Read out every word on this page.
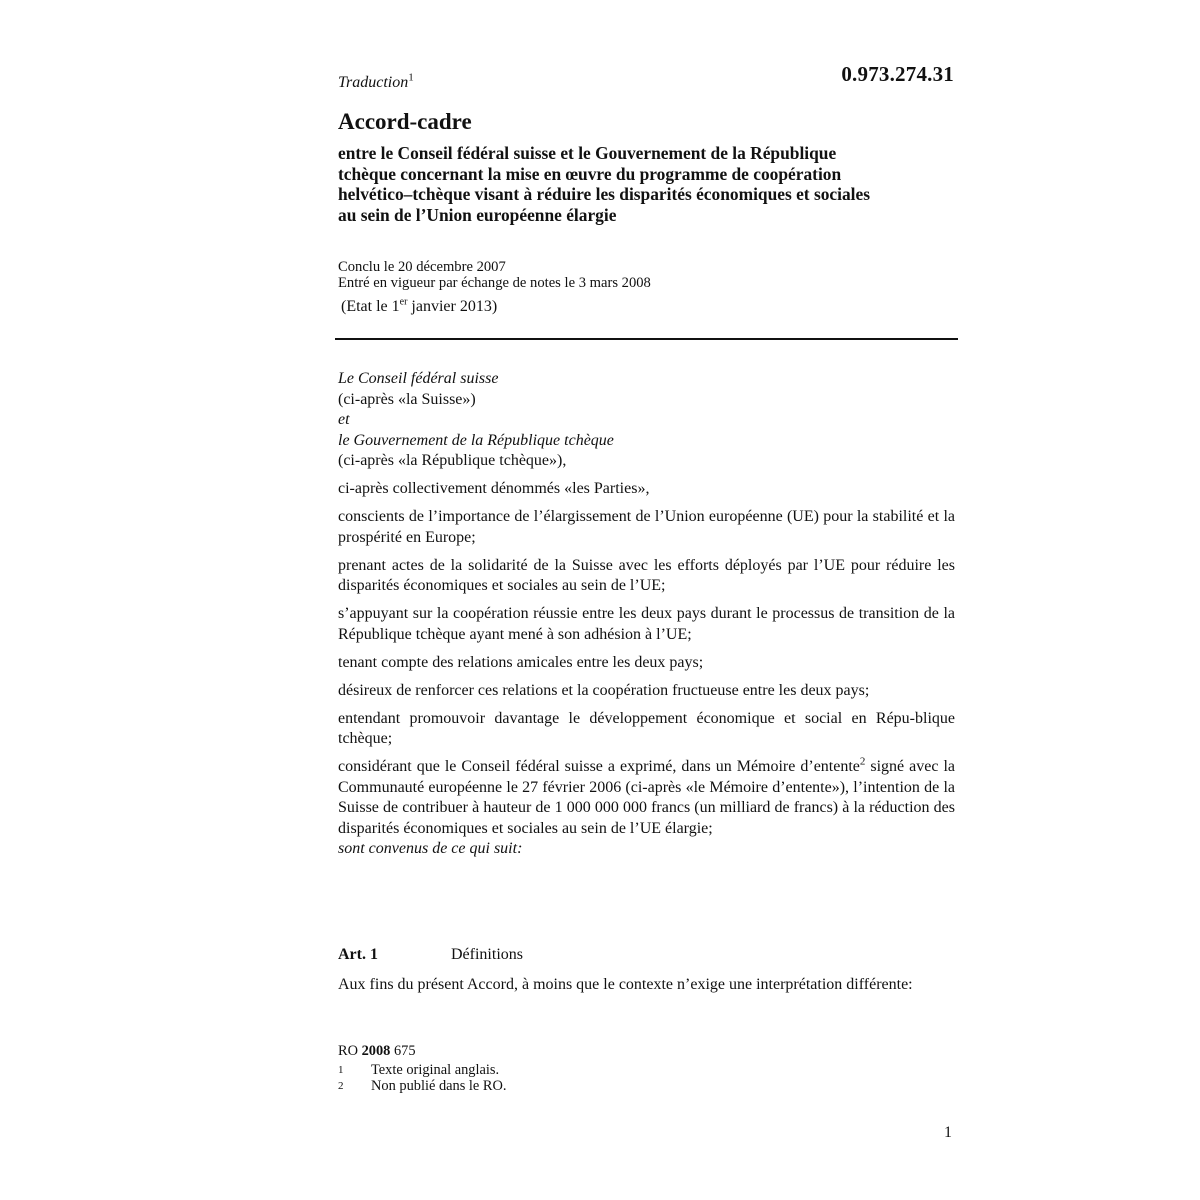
0.973.274.31
Traduction$^1$
Accord-cadre
entre le Conseil fédéral suisse et le Gouvernement de la République
tchèque concernant la mise en œuvre du programme de coopération
helvético–tchèque visant à réduire les disparités économiques et sociales
au sein de l’Union européenne élargie
Conclu le 20 décembre 2007
Entré en vigueur par échange de notes le 3 mars 2008
(Etat le 1er janvier 2013)

Le Conseil fédéral suisse

(ci-après «la Suisse»)

et

le Gouvernement de la République tchèque

(ci-après «la République tchèque»),

ci-après collectivement dénommés «les Parties»,

conscients de l’importance de l’élargissement de l’Union européenne (UE) pour la stabilité et la prospérité en Europe;

prenant actes de la solidarité de la Suisse avec les efforts déployés par l’UE pour réduire les disparités économiques et sociales au sein de l’UE;

s’appuyant sur la coopération réussie entre les deux pays durant le processus de transition de la République tchèque ayant mené à son adhésion à l’UE;

tenant compte des relations amicales entre les deux pays;

désireux de renforcer ces relations et la coopération fructueuse entre les deux pays;

entendant promouvoir davantage le développement économique et social en Répu-blique tchèque;

considérant que le Conseil fédéral suisse a exprimé, dans un Mémoire d’entente$^2$ signé avec la Communauté européenne le 27 février 2006 (ci-après «le Mémoire d’entente»), l’intention de la Suisse de contribuer à hauteur de 1 000 000 000 francs (un milliard de francs) à la réduction des disparités économiques et sociales au sein de l’UE élargie;

sont convenus de ce qui suit:

Art. 1	Définitions
Aux fins du présent Accord, à moins que le contexte n’exige une interprétation différente:
RO 2008 675
1	Texte original anglais.
2	Non publié dans le RO.
1
